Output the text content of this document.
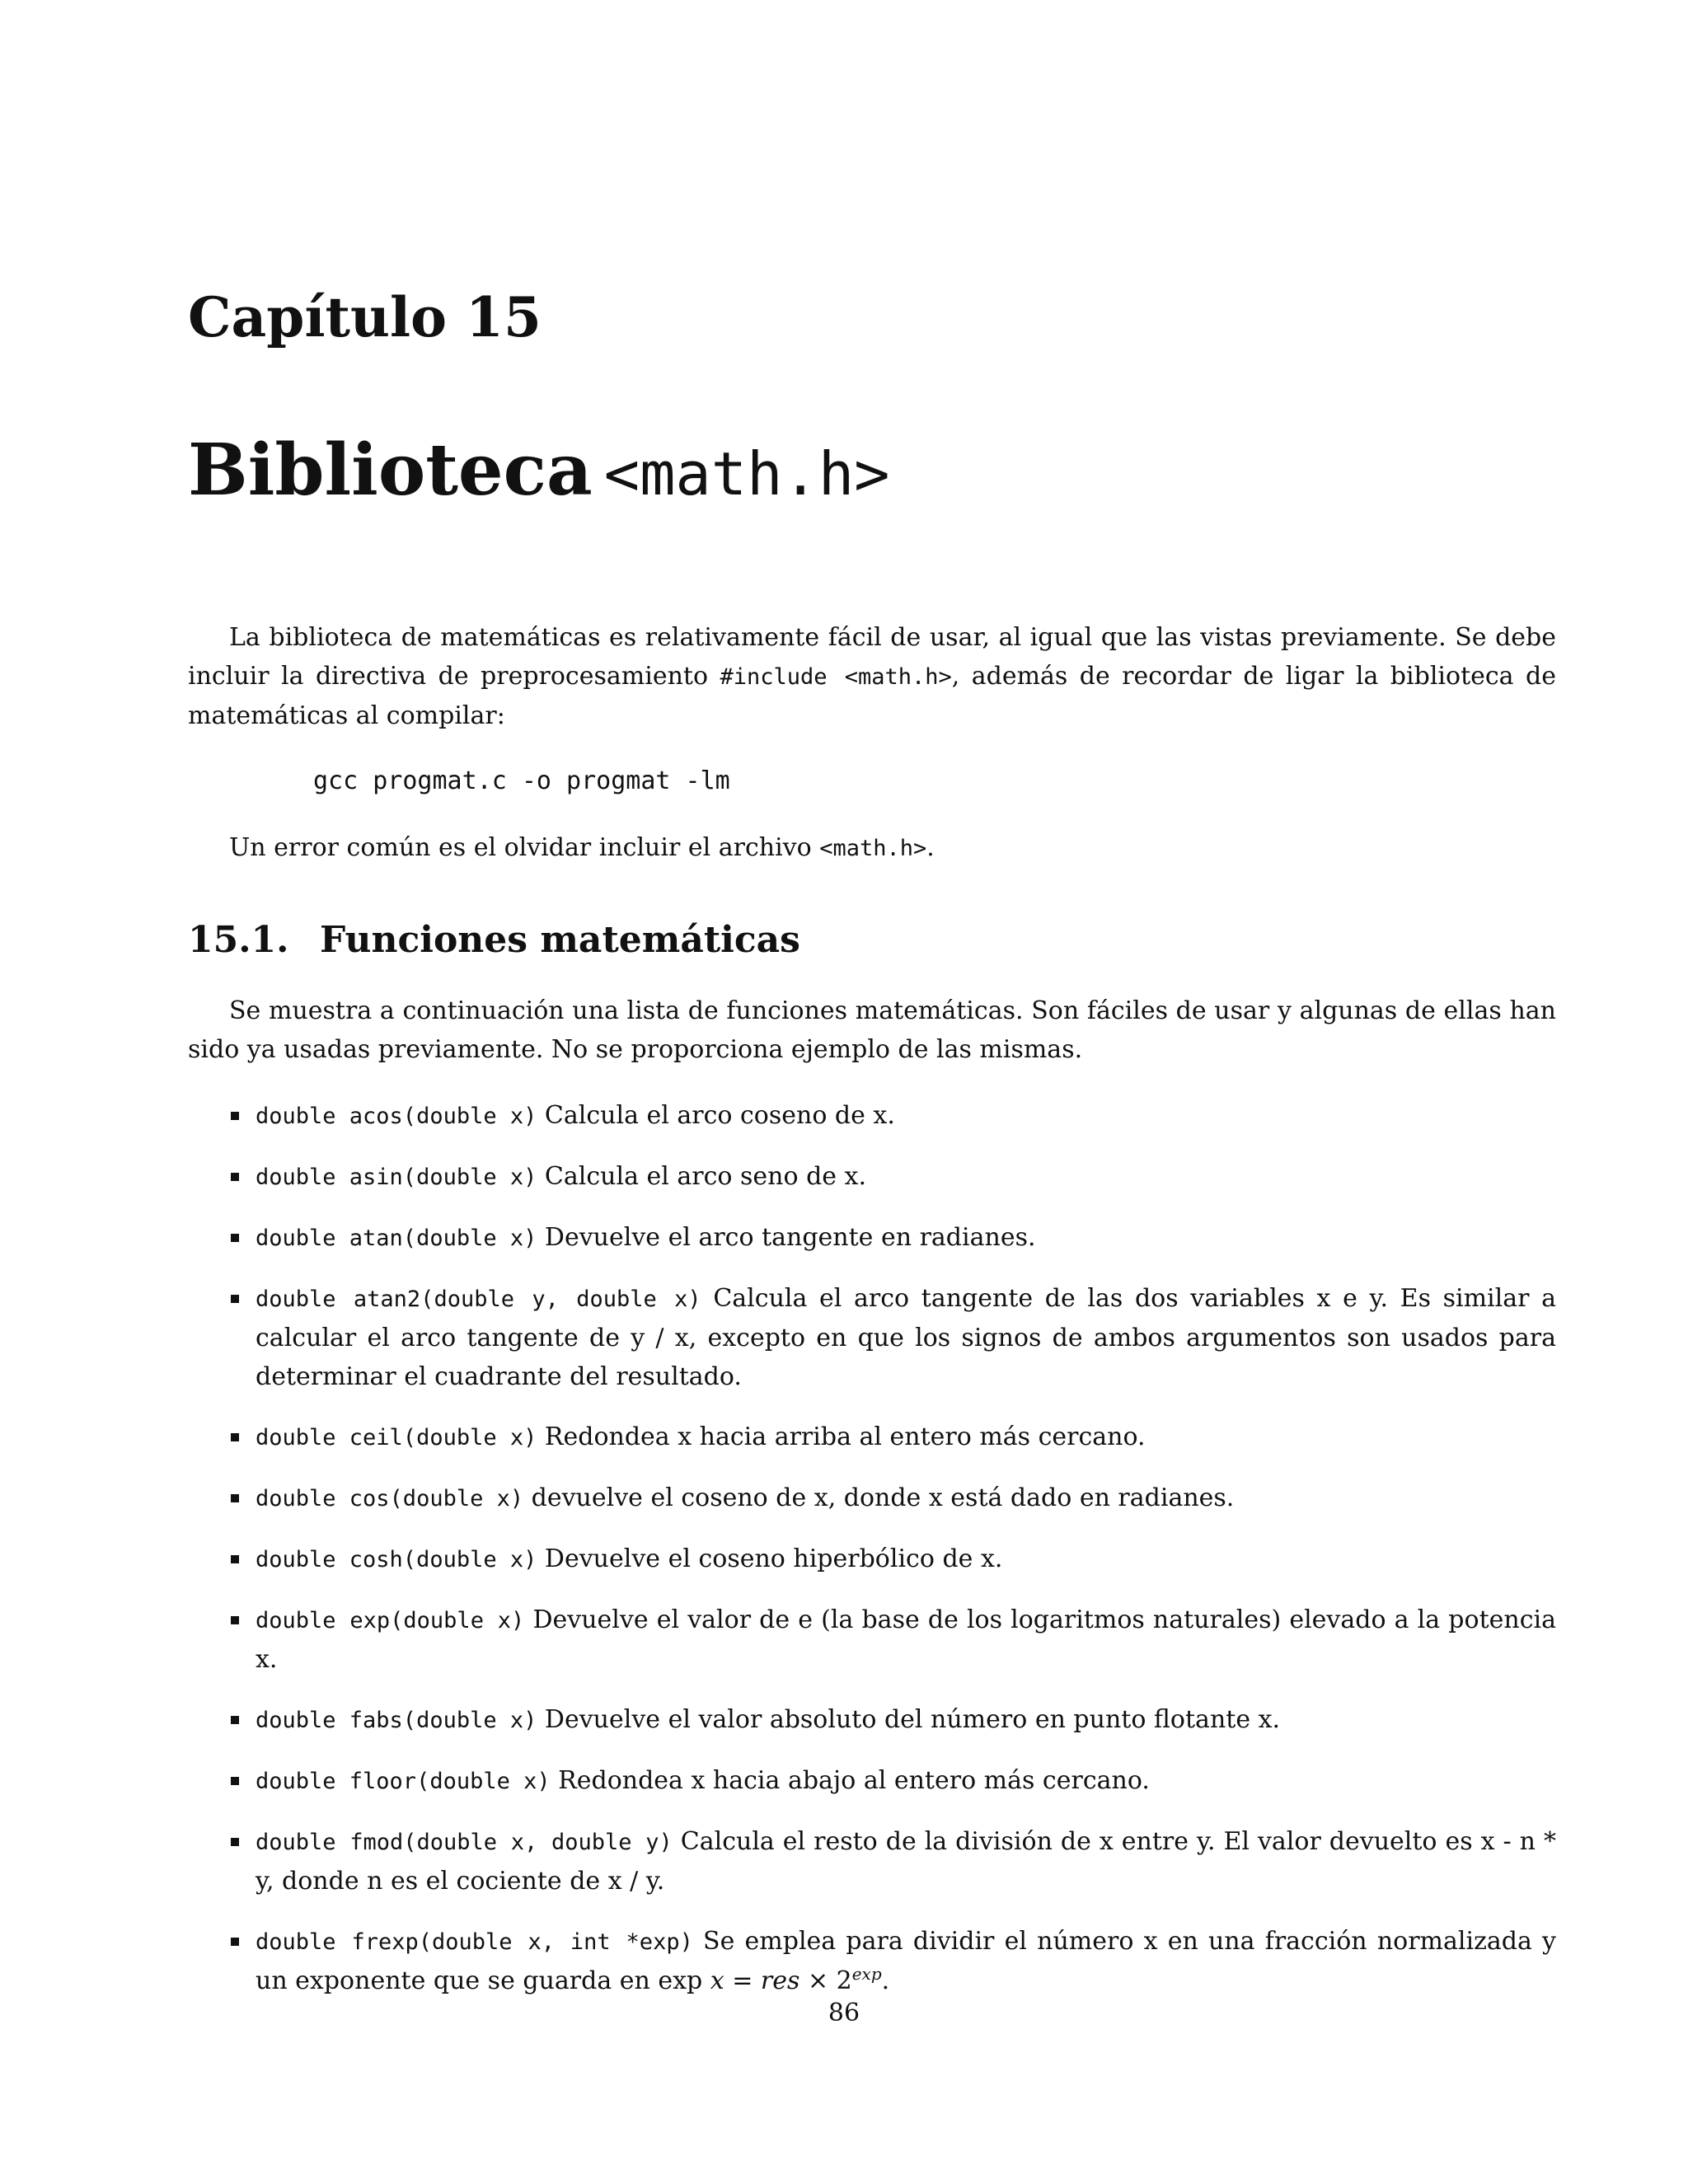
Capítulo 15
Biblioteca <math.h>

La biblioteca de matemáticas es relativamente fácil de usar, al igual que las vistas previamente. Se debe incluir la directiva de preprocesamiento #include <math.h>, además de recordar de ligar la biblioteca de matemáticas al compilar:

gcc progmat.c -o progmat -lm

Un error común es el olvidar incluir el archivo <math.h>.

15.1. Funciones matemáticas

Se muestra a continuación una lista de funciones matemáticas. Son fáciles de usar y algunas de ellas han sido ya usadas previamente. No se proporciona ejemplo de las mismas.

double acos(double x) Calcula el arco coseno de x.
double asin(double x) Calcula el arco seno de x.
double atan(double x) Devuelve el arco tangente en radianes.
double atan2(double y, double x) Calcula el arco tangente de las dos variables x e y. Es similar a calcular el arco tangente de y / x, excepto en que los signos de ambos argumentos son usados para determinar el cuadrante del resultado.
double ceil(double x) Redondea x hacia arriba al entero más cercano.
double cos(double x) devuelve el coseno de x, donde x está dado en radianes.
double cosh(double x) Devuelve el coseno hiperbólico de x.
double exp(double x) Devuelve el valor de e (la base de los logaritmos naturales) elevado a la potencia x.
double fabs(double x) Devuelve el valor absoluto del número en punto flotante x.
double floor(double x) Redondea x hacia abajo al entero más cercano.
double fmod(double x, double y) Calcula el resto de la división de x entre y. El valor devuelto es x - n * y, donde n es el cociente de x / y.
double frexp(double x, int *exp) Se emplea para dividir el número x en una fracción normalizada y un exponente que se guarda en exp x = res × $2^{exp}$.

86
